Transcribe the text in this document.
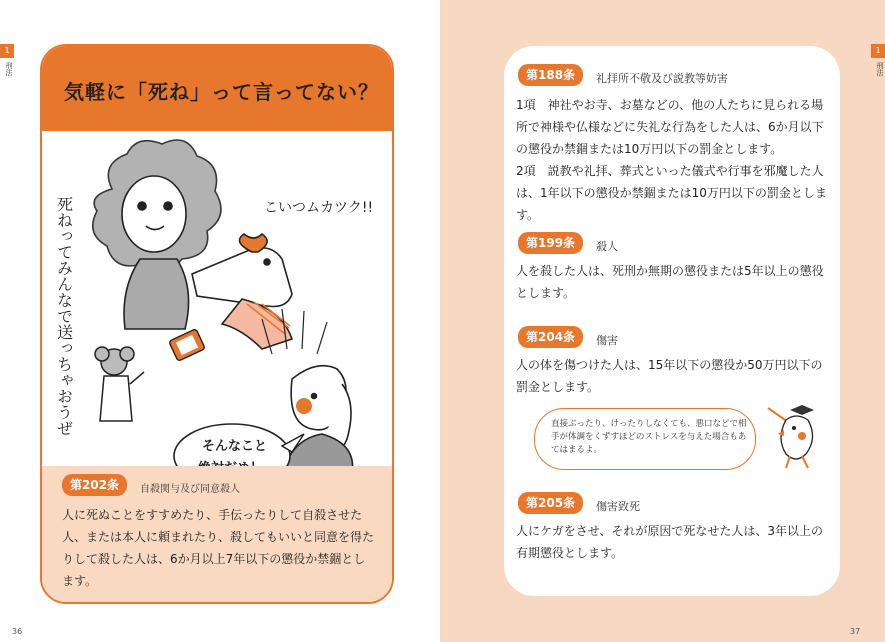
1
刑法
気軽に「死ね」って言ってない？
死ねってみんなで送っちゃおうぜ	こいつムカツク!!
そんなこと
第202条	自殺関与及び同意殺人
人に死ぬことをすすめたり、手伝ったりして自殺させた人、または本人に頼まれたり、殺してもいいと同意を得たりして殺した人は、6か月以上7年以下の懲役か禁錮とします。
36
1
刑法
第188条	礼拝所不敬及び説教等妨害
1項　神社やお寺、お墓などの、他の人たちに見られる場所で神様や仏様などに失礼な行為をした人は、6か月以下の懲役か禁錮または10万円以下の罰金とします。
2項　説教や礼拝、葬式といった儀式や行事を邪魔した人は、1年以下の懲役か禁錮または10万円以下の罰金とします。
第199条	殺人
人を殺した人は、死刑か無期の懲役または5年以上の懲役とします。
第204条	傷害
人の体を傷つけた人は、15年以下の懲役か50万円以下の罰金とします。
第205条	傷害致死
人にケガをさせ、それが原因で死なせた人は、3年以上の有期懲役とします。
直接ぶったり、けったりしなくても、悪口などで相手が体調をくずすほどのストレスを与えた場合もあてはまるよ。
37
